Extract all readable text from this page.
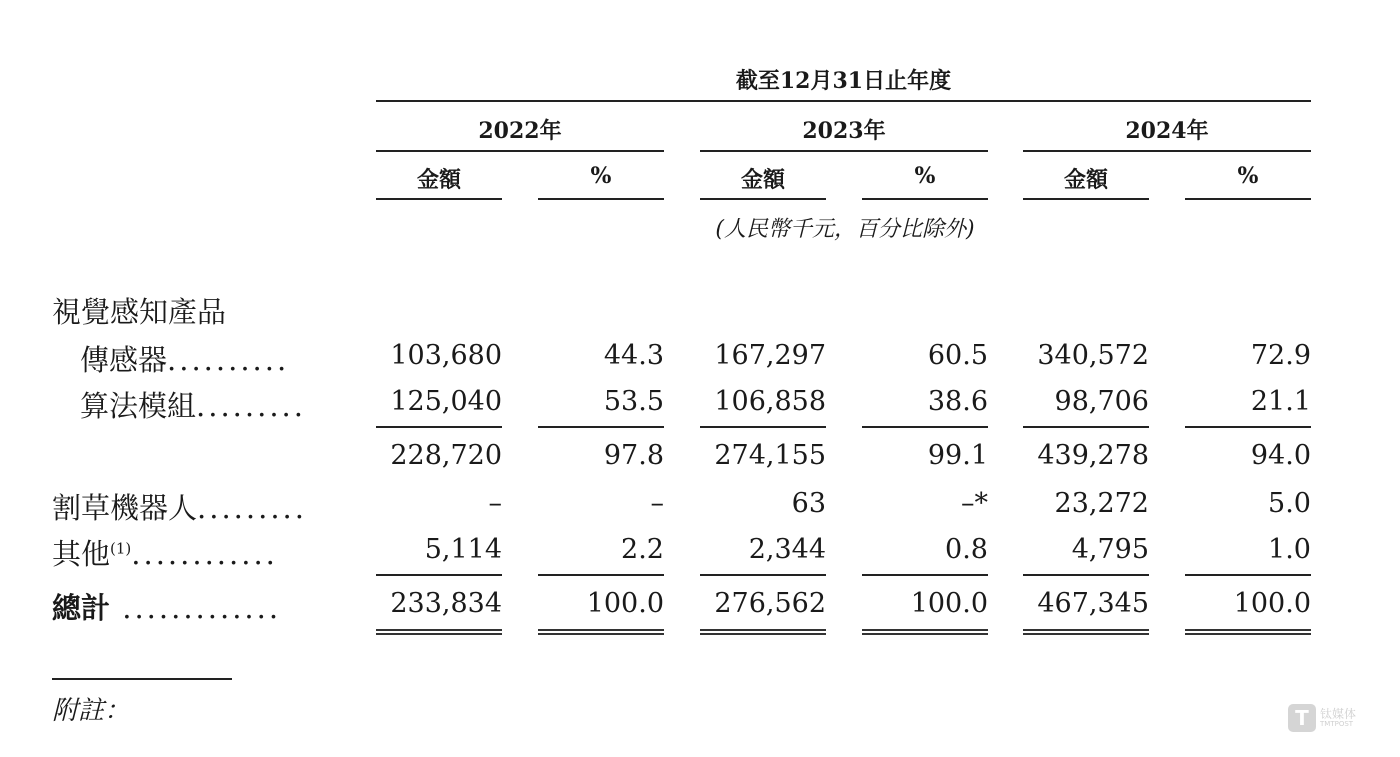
截至12月31日止年度
2022年	2023年	2024年
金額	%	金額	%	金額	%
(人民幣千元，百分比除外)
視覺感知產品
傳感器..........	103,680	44.3	167,297	60.5	340,572	72.9
算法模組.........	125,040	53.5	106,858	38.6	98,706	21.1
228,720	97.8	274,155	99.1	439,278	94.0
割草機器人.........	–	–	63	–*	23,272	5.0
其他$^{(1)}$............	5,114	2.2	2,344	0.8	4,795	1.0
總計 .............	233,834	100.0	276,562	100.0	467,345	100.0
附註：	T 钛媒体
TMTPOST
